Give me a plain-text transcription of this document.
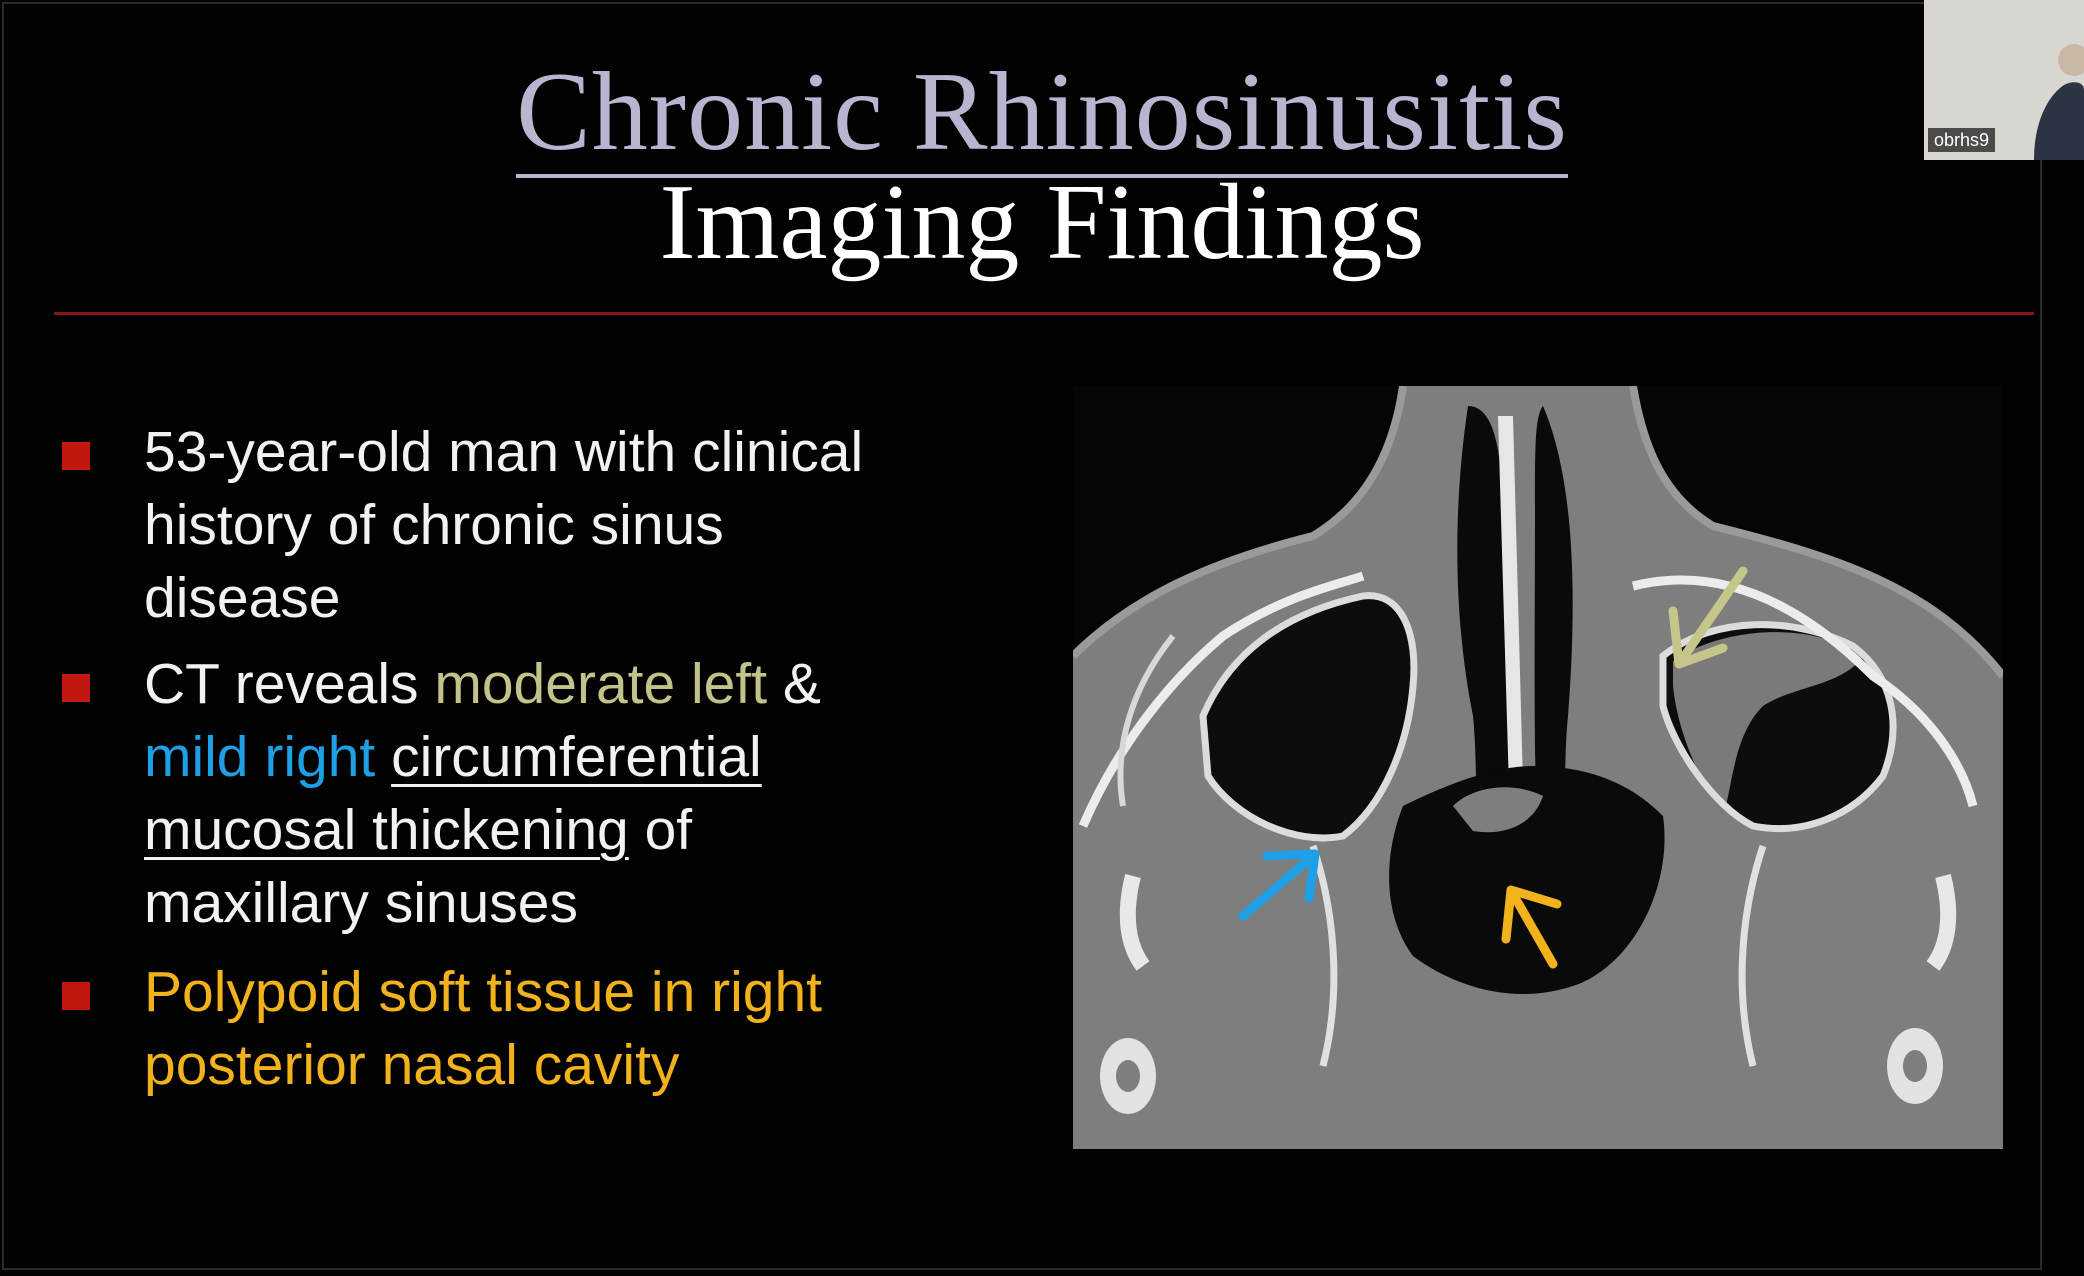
Chronic Rhinosinusitis
Imaging Findings
53-year-old man with clinical
history of chronic sinus
disease
CT reveals moderate left &
mild right circumferential
mucosal thickening of
maxillary sinuses
Polypoid soft tissue in right
posterior nasal cavity
obrhs9
